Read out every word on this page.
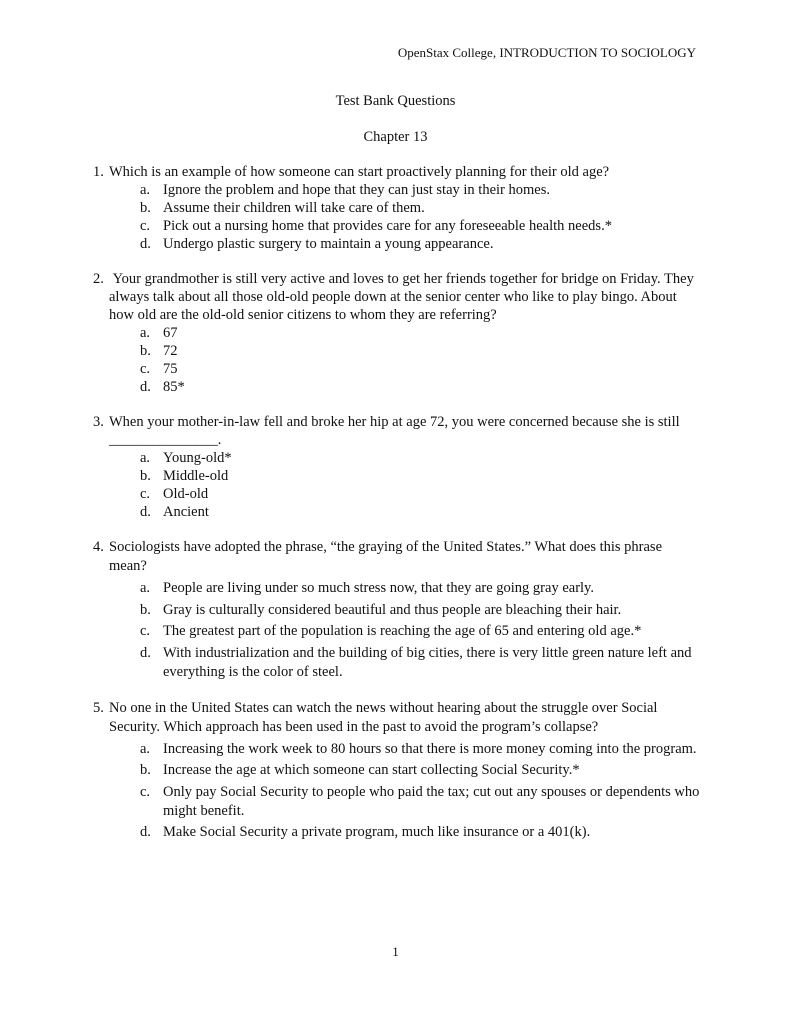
OpenStax College, INTRODUCTION TO SOCIOLOGY
Test Bank Questions
Chapter 13
1. Which is an example of how someone can start proactively planning for their old age?
a. Ignore the problem and hope that they can just stay in their homes.
b. Assume their children will take care of them.
c. Pick out a nursing home that provides care for any foreseeable health needs.*
d. Undergo plastic surgery to maintain a young appearance.
2. Your grandmother is still very active and loves to get her friends together for bridge on Friday. They always talk about all those old-old people down at the senior center who like to play bingo. About how old are the old-old senior citizens to whom they are referring?
a. 67
b. 72
c. 75
d. 85*
3. When your mother-in-law fell and broke her hip at age 72, you were concerned because she is still _______________.
a. Young-old*
b. Middle-old
c. Old-old
d. Ancient
4. Sociologists have adopted the phrase, “the graying of the United States.” What does this phrase mean?
a. People are living under so much stress now, that they are going gray early.
b. Gray is culturally considered beautiful and thus people are bleaching their hair.
c. The greatest part of the population is reaching the age of 65 and entering old age.*
d. With industrialization and the building of big cities, there is very little green nature left and everything is the color of steel.
5. No one in the United States can watch the news without hearing about the struggle over Social Security. Which approach has been used in the past to avoid the program’s collapse?
a. Increasing the work week to 80 hours so that there is more money coming into the program.
b. Increase the age at which someone can start collecting Social Security.*
c. Only pay Social Security to people who paid the tax; cut out any spouses or dependents who might benefit.
d. Make Social Security a private program, much like insurance or a 401(k).
1
